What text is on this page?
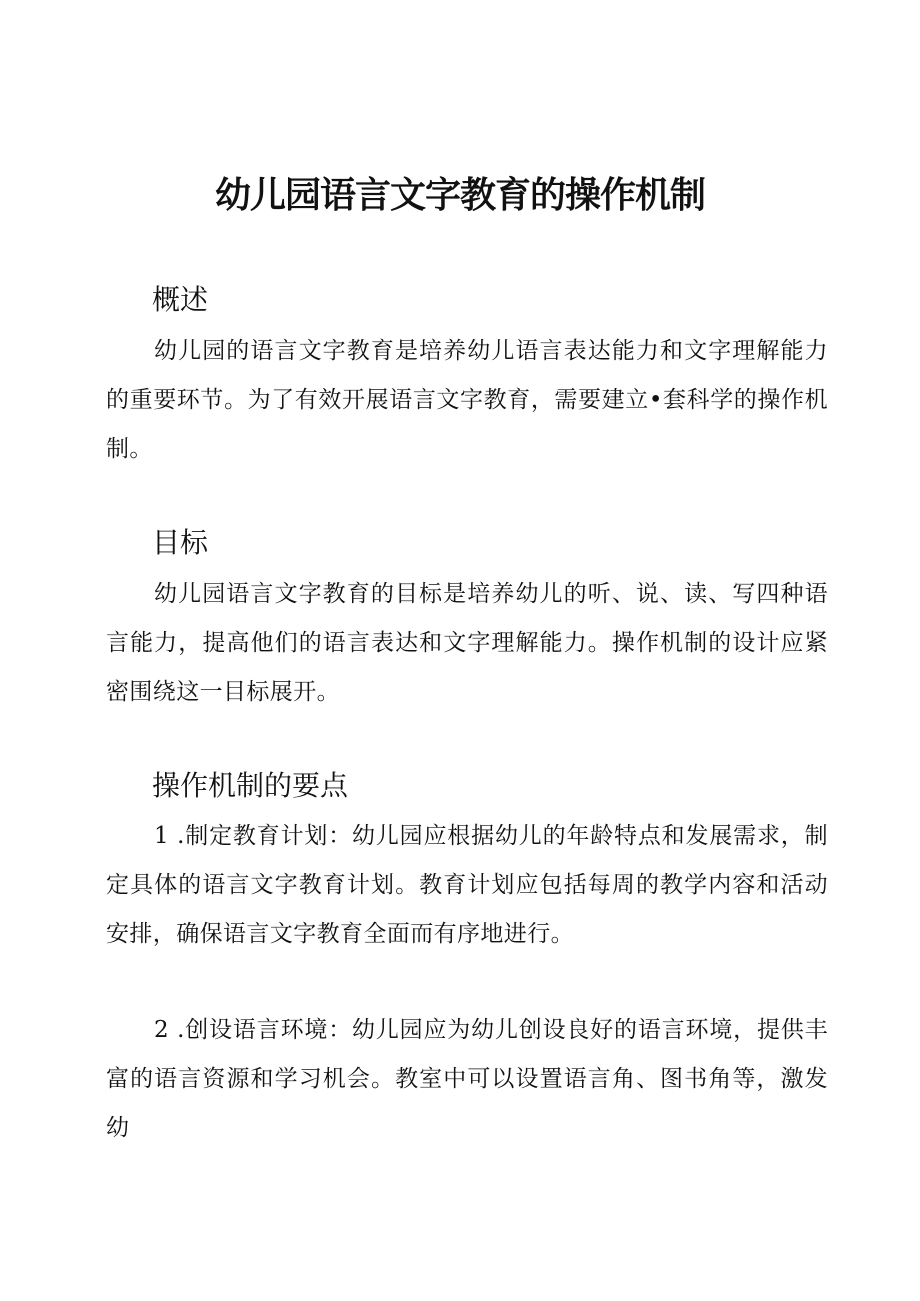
幼儿园语言文字教育的操作机制
概述

幼儿园的语言文字教育是培养幼儿语言表达能力和文字理解能力的重要环节。为了有效开展语言文字教育，需要建立•套科学的操作机制。

目标

幼儿园语言文字教育的目标是培养幼儿的听、说、读、写四种语言能力，提高他们的语言表达和文字理解能力。操作机制的设计应紧密围绕这一目标展开。

操作机制的要点

1 .制定教育计划：幼儿园应根据幼儿的年龄特点和发展需求，制定具体的语言文字教育计划。教育计划应包括每周的教学内容和活动安排，确保语言文字教育全面而有序地进行。

2 .创设语言环境：幼儿园应为幼儿创设良好的语言环境，提供丰富的语言资源和学习机会。教室中可以设置语言角、图书角等，激发幼
